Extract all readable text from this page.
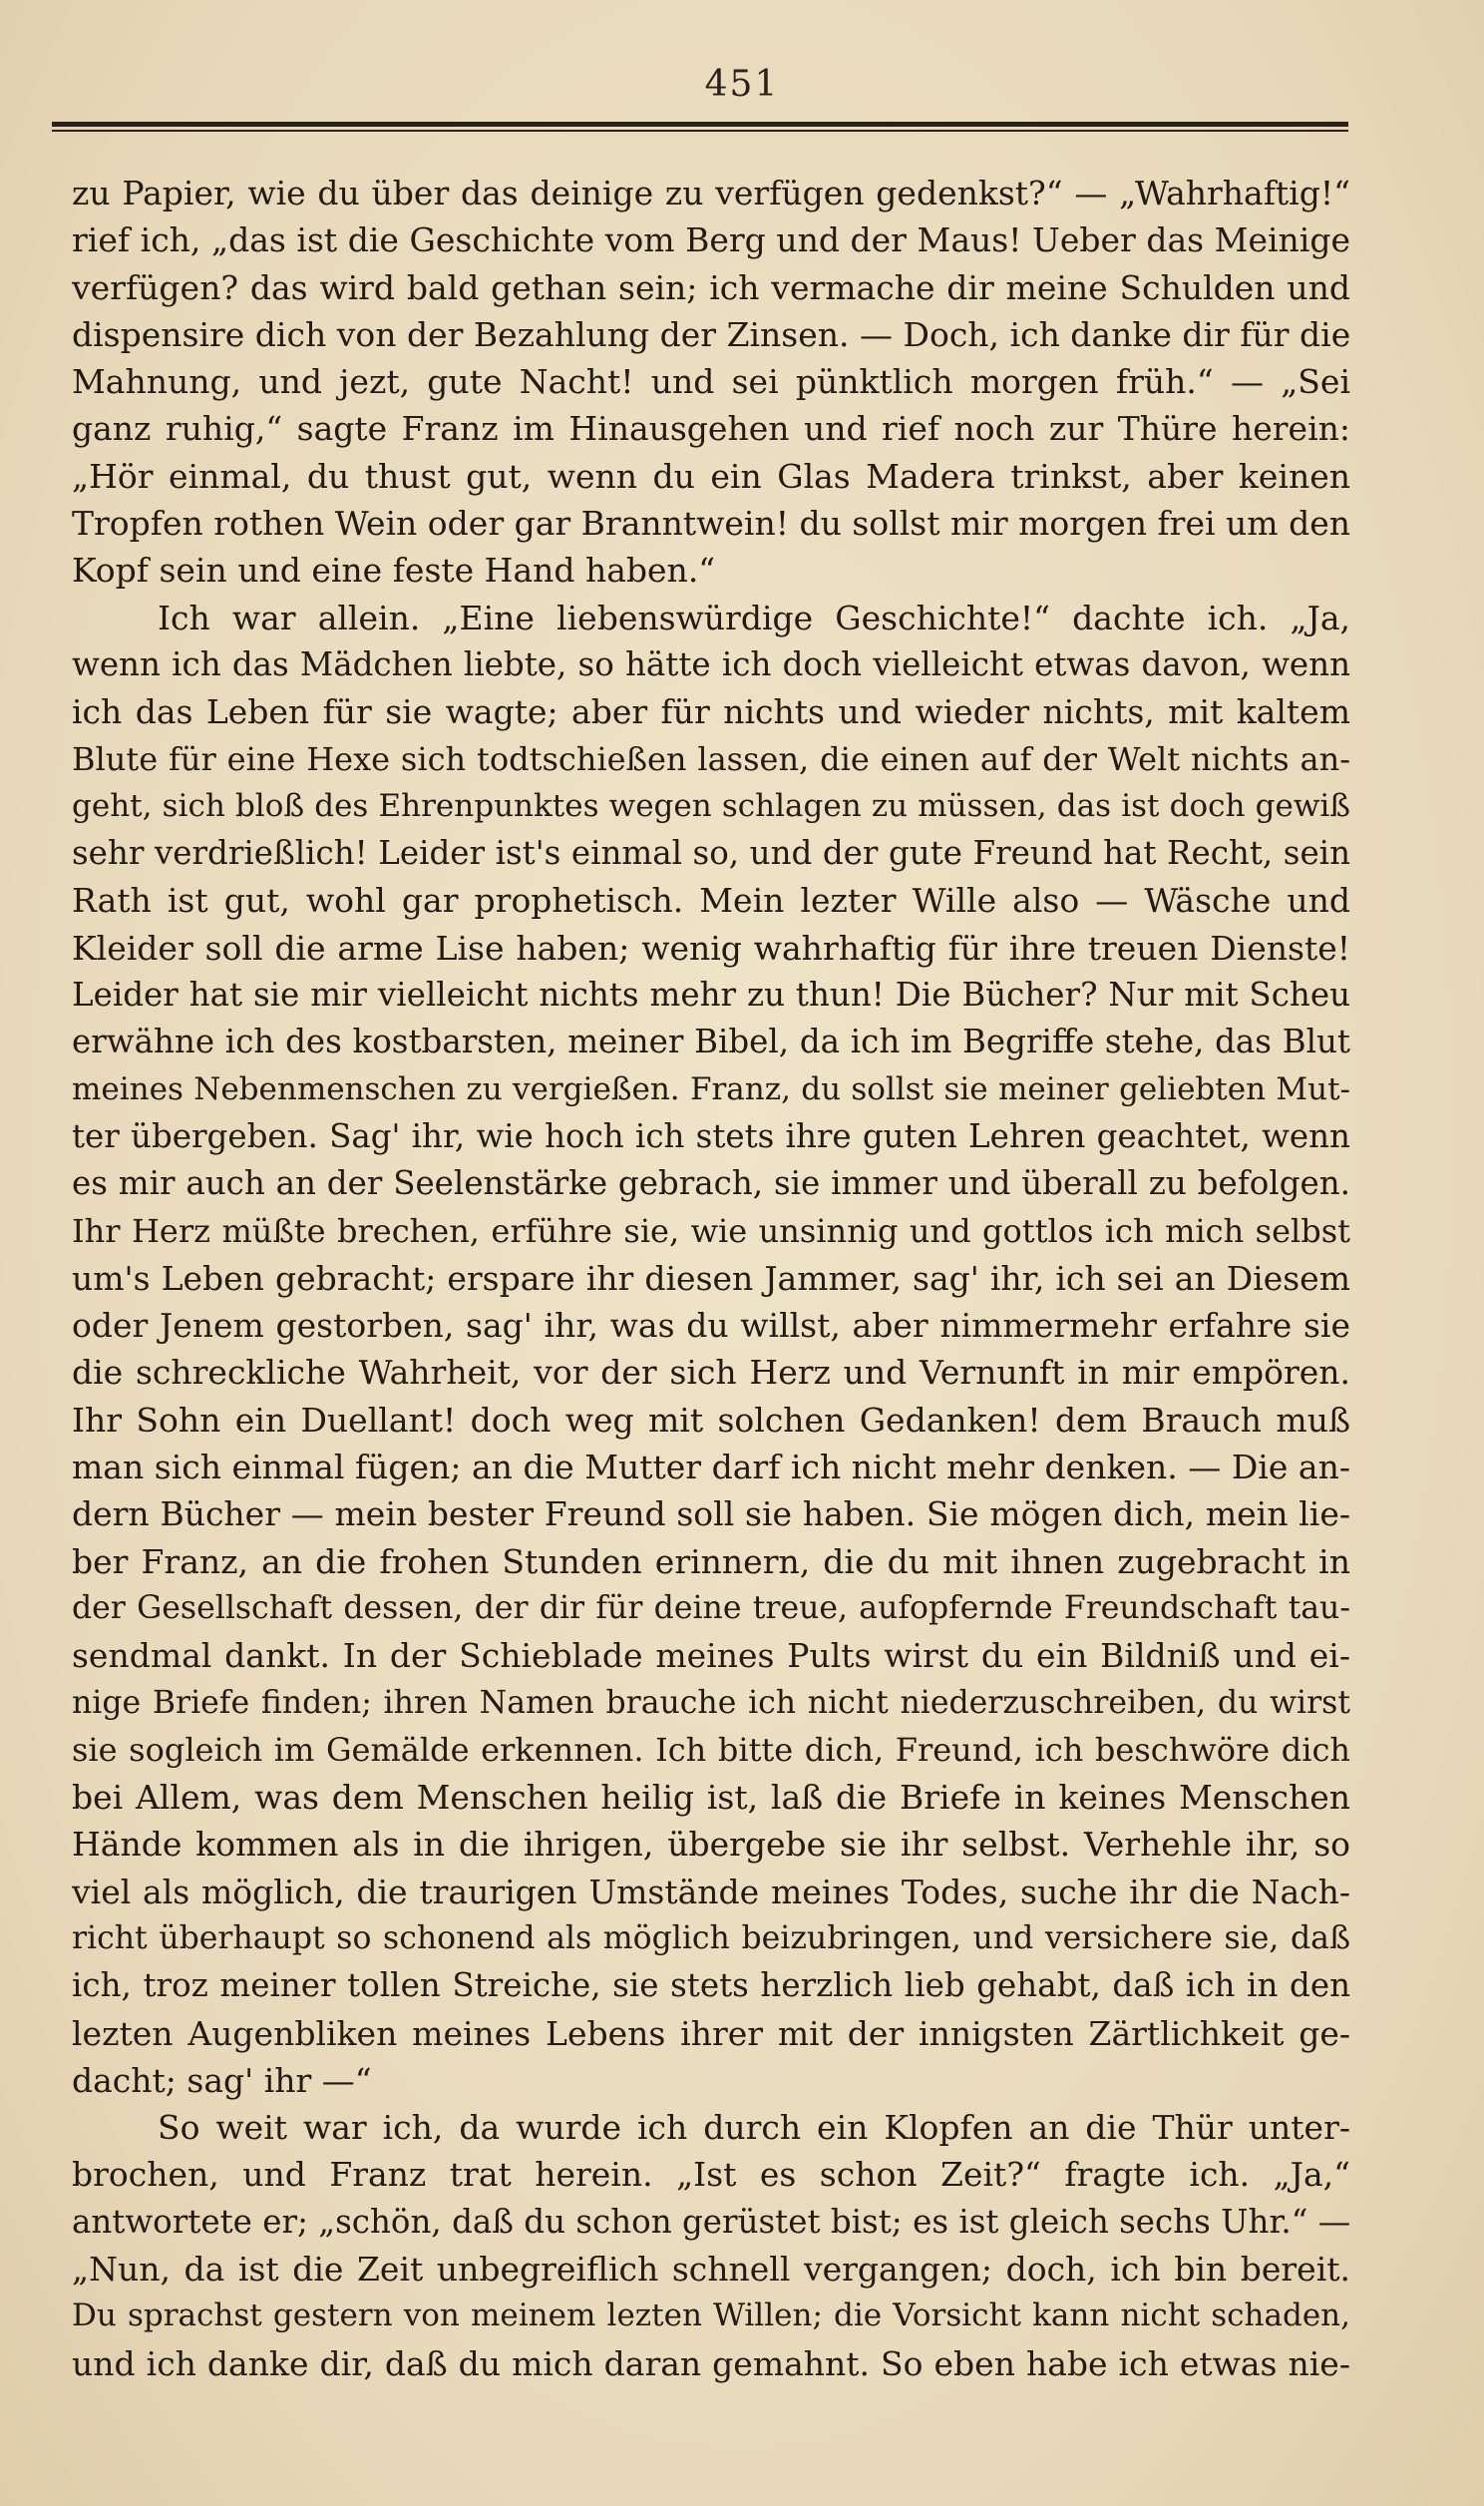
451
zu Papier, wie du über das deinige zu verfügen gedenkst?“ — „Wahrhaftig!“
rief ich, „das ist die Geschichte vom Berg und der Maus! Ueber das Meinige
verfügen? das wird bald gethan sein; ich vermache dir meine Schulden und
dispensire dich von der Bezahlung der Zinsen. — Doch, ich danke dir für die
Mahnung, und jezt, gute Nacht! und sei pünktlich morgen früh.“ — „Sei
ganz ruhig,“ sagte Franz im Hinausgehen und rief noch zur Thüre herein:
„Hör einmal, du thust gut, wenn du ein Glas Madera trinkst, aber keinen
Tropfen rothen Wein oder gar Branntwein! du sollst mir morgen frei um den
Kopf sein und eine feste Hand haben.“
Ich war allein. „Eine liebenswürdige Geschichte!“ dachte ich. „Ja,
wenn ich das Mädchen liebte, so hätte ich doch vielleicht etwas davon, wenn
ich das Leben für sie wagte; aber für nichts und wieder nichts, mit kaltem
Blute für eine Hexe sich todtschießen lassen, die einen auf der Welt nichts an-
geht, sich bloß des Ehrenpunktes wegen schlagen zu müssen, das ist doch gewiß
sehr verdrießlich! Leider ist's einmal so, und der gute Freund hat Recht, sein
Rath ist gut, wohl gar prophetisch. Mein lezter Wille also — Wäsche und
Kleider soll die arme Lise haben; wenig wahrhaftig für ihre treuen Dienste!
Leider hat sie mir vielleicht nichts mehr zu thun! Die Bücher? Nur mit Scheu
erwähne ich des kostbarsten, meiner Bibel, da ich im Begriffe stehe, das Blut
meines Nebenmenschen zu vergießen. Franz, du sollst sie meiner geliebten Mut-
ter übergeben. Sag' ihr, wie hoch ich stets ihre guten Lehren geachtet, wenn
es mir auch an der Seelenstärke gebrach, sie immer und überall zu befolgen.
Ihr Herz müßte brechen, erführe sie, wie unsinnig und gottlos ich mich selbst
um's Leben gebracht; erspare ihr diesen Jammer, sag' ihr, ich sei an Diesem
oder Jenem gestorben, sag' ihr, was du willst, aber nimmermehr erfahre sie
die schreckliche Wahrheit, vor der sich Herz und Vernunft in mir empören.
Ihr Sohn ein Duellant! doch weg mit solchen Gedanken! dem Brauch muß
man sich einmal fügen; an die Mutter darf ich nicht mehr denken. — Die an-
dern Bücher — mein bester Freund soll sie haben. Sie mögen dich, mein lie-
ber Franz, an die frohen Stunden erinnern, die du mit ihnen zugebracht in
der Gesellschaft dessen, der dir für deine treue, aufopfernde Freundschaft tau-
sendmal dankt. In der Schieblade meines Pults wirst du ein Bildniß und ei-
nige Briefe finden; ihren Namen brauche ich nicht niederzuschreiben, du wirst
sie sogleich im Gemälde erkennen. Ich bitte dich, Freund, ich beschwöre dich
bei Allem, was dem Menschen heilig ist, laß die Briefe in keines Menschen
Hände kommen als in die ihrigen, übergebe sie ihr selbst. Verhehle ihr, so
viel als möglich, die traurigen Umstände meines Todes, suche ihr die Nach-
richt überhaupt so schonend als möglich beizubringen, und versichere sie, daß
ich, troz meiner tollen Streiche, sie stets herzlich lieb gehabt, daß ich in den
lezten Augenbliken meines Lebens ihrer mit der innigsten Zärtlichkeit ge-
dacht; sag' ihr —“
So weit war ich, da wurde ich durch ein Klopfen an die Thür unter-
brochen, und Franz trat herein. „Ist es schon Zeit?“ fragte ich. „Ja,“
antwortete er; „schön, daß du schon gerüstet bist; es ist gleich sechs Uhr.“ —
„Nun, da ist die Zeit unbegreiflich schnell vergangen; doch, ich bin bereit.
Du sprachst gestern von meinem lezten Willen; die Vorsicht kann nicht schaden,
und ich danke dir, daß du mich daran gemahnt. So eben habe ich etwas nie-
